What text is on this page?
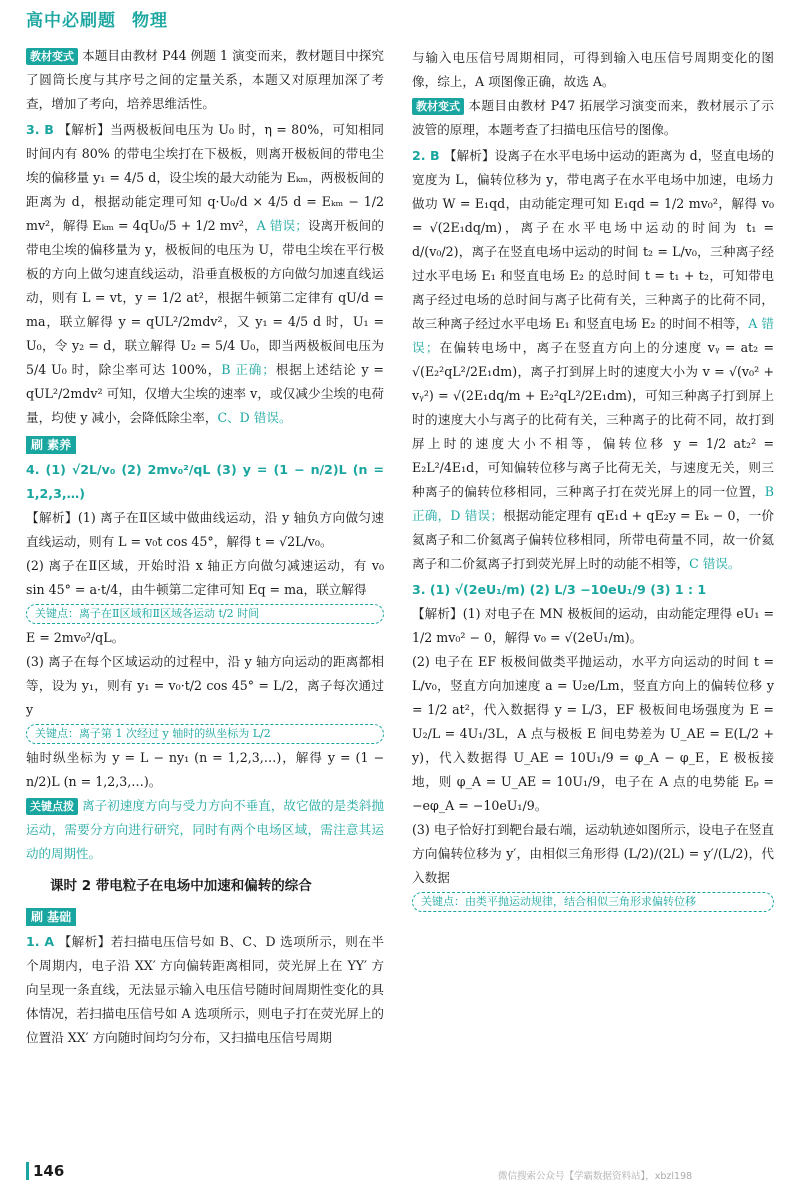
高中必刷题 物理

教材变式 本题目由教材 P44 例题 1 演变而来，教材题目中探究了圆筒长度与其序号之间的定量关系，本题又对原理加深了考查，增加了考向，培养思维活性。

3. B 【解析】当两极板间电压为 U₀ 时，η = 80%，可知相同时间内有 80% 的带电尘埃打在下极板，则离开极板间的带电尘埃的偏移量 y₁ = 4/5 d，设尘埃的最大动能为 Eₖₘ，两极板间的距离为 d，根据动能定理可知 q·U₀/d × 4/5 d = Eₖₘ − 1/2 mv²，解得 Eₖₘ = 4qU₀/5 + 1/2 mv²，A 错误；设离开板间的带电尘埃的偏移量为 y，极板间的电压为 U，带电尘埃在平行极板的方向上做匀速直线运动，沿垂直极板的方向做匀加速直线运动，则有 L = vt，y = 1/2 at²，根据牛顿第二定律有 qU/d = ma，联立解得 y = qUL²/2mdv²，又 y₁ = 4/5 d 时，U₁ = U₀，令 y₂ = d，联立解得 U₂ = 5/4 U₀，即当两极板间电压为 5/4 U₀ 时，除尘率可达 100%，B 正确；根据上述结论 y = qUL²/2mdv² 可知，仅增大尘埃的速率 v，或仅减少尘埃的电荷量，均使 y 减小，会降低除尘率，C、D 错误。

刷 素养

4. (1) √2L/v₀ (2) 2mv₀²/qL (3) y = (1 − n/2)L (n = 1,2,3,…)

【解析】(1) 离子在Ⅱ区域中做曲线运动，沿 y 轴负方向做匀速直线运动，则有 L = v₀t cos 45°，解得 t = √2L/v₀。

(2) 离子在Ⅱ区域，开始时沿 x 轴正方向做匀减速运动，有 v₀ sin 45° = a·t/4，由牛顿第二定律可知 Eq = ma，联立解得

关键点：离子在Ⅱ区域和Ⅱ区域各运动 t/2 时间

E = 2mv₀²/qL。

(3) 离子在每个区域运动的过程中，沿 y 轴方向运动的距离都相等，设为 y₁，则有 y₁ = v₀·t/2 cos 45° = L/2，离子每次通过 y

关键点：离子第 1 次经过 y 轴时的纵坐标为 L/2

轴时纵坐标为 y = L − ny₁ (n = 1,2,3,…)，解得 y = (1 − n/2)L (n = 1,2,3,…)。

关键点拨 离子初速度方向与受力方向不垂直，故它做的是类斜抛运动，需要分方向进行研究，同时有两个电场区域，需注意其运动的周期性。

课时 2 带电粒子在电场中加速和偏转的综合
刷 基础

1. A 【解析】若扫描电压信号如 B、C、D 选项所示，则在半个周期内，电子沿 XX′ 方向偏转距离相同，荧光屏上在 YY′ 方向呈现一条直线，无法显示输入电压信号随时间周期性变化的具体情况，若扫描电压信号如 A 选项所示，则电子打在荧光屏上的位置沿 XX′ 方向随时间均匀分布，又扫描电压信号周期

与输入电压信号周期相同，可得到输入电压信号周期变化的图像，综上，A 项图像正确，故选 A。

教材变式 本题目由教材 P47 拓展学习演变而来，教材展示了示波管的原理，本题考查了扫描电压信号的图像。

2. B 【解析】设离子在水平电场中运动的距离为 d，竖直电场的宽度为 L，偏转位移为 y，带电离子在水平电场中加速，电场力做功 W = E₁qd，由动能定理可知 E₁qd = 1/2 mv₀²，解得 v₀ = √(2E₁dq/m)，离子在水平电场中运动的时间为 t₁ = d/(v₀/2)，离子在竖直电场中运动的时间 t₂ = L/v₀，三种离子经过水平电场 E₁ 和竖直电场 E₂ 的总时间 t = t₁ + t₂，可知带电离子经过电场的总时间与离子比荷有关，三种离子的比荷不同，故三种离子经过水平电场 E₁ 和竖直电场 E₂ 的时间不相等，A 错误；在偏转电场中，离子在竖直方向上的分速度 vᵧ = at₂ = √(E₂²qL²/2E₁dm)，离子打到屏上时的速度大小为 v = √(v₀² + vᵧ²) = √(2E₁dq/m + E₂²qL²/2E₁dm)，可知三种离子打到屏上时的速度大小与离子的比荷有关，三种离子的比荷不同，故打到屏上时的速度大小不相等，偏转位移 y = 1/2 at₂² = E₂L²/4E₁d，可知偏转位移与离子比荷无关，与速度无关，则三种离子的偏转位移相同，三种离子打在荧光屏上的同一位置，B 正确，D 错误；根据动能定理有 qE₁d + qE₂y = Eₖ − 0，一价氦离子和二价氦离子偏转位移相同，所带电荷量不同，故一价氦离子和二价氦离子打到荧光屏上时的动能不相等，C 错误。

3. (1) √(2eU₁/m) (2) L/3 −10eU₁/9 (3) 1 : 1

【解析】(1) 对电子在 MN 极板间的运动，由动能定理得 eU₁ = 1/2 mv₀² − 0，解得 v₀ = √(2eU₁/m)。

(2) 电子在 EF 板极间做类平抛运动，水平方向运动的时间 t = L/v₀，竖直方向加速度 a = U₂e/Lm，竖直方向上的偏转位移 y = 1/2 at²，代入数据得 y = L/3，EF 极板间电场强度为 E = U₂/L = 4U₁/3L，A 点与极板 E 间电势差为 U_AE = E(L/2 + y)，代入数据得 U_AE = 10U₁/9 = φ_A − φ_E，E 极板接地，则 φ_A = U_AE = 10U₁/9，电子在 A 点的电势能 Eₚ = −eφ_A = −10eU₁/9。

(3) 电子恰好打到靶台最右端，运动轨迹如图所示，设电子在竖直方向偏转位移为 y′，由相似三角形得 (L/2)/(2L) = y′/(L/2)，代入数据

关键点：由类平抛运动规律，结合相似三角形求偏转位移
146	微信搜索公众号【学霸数据资料站】，xbzl198
